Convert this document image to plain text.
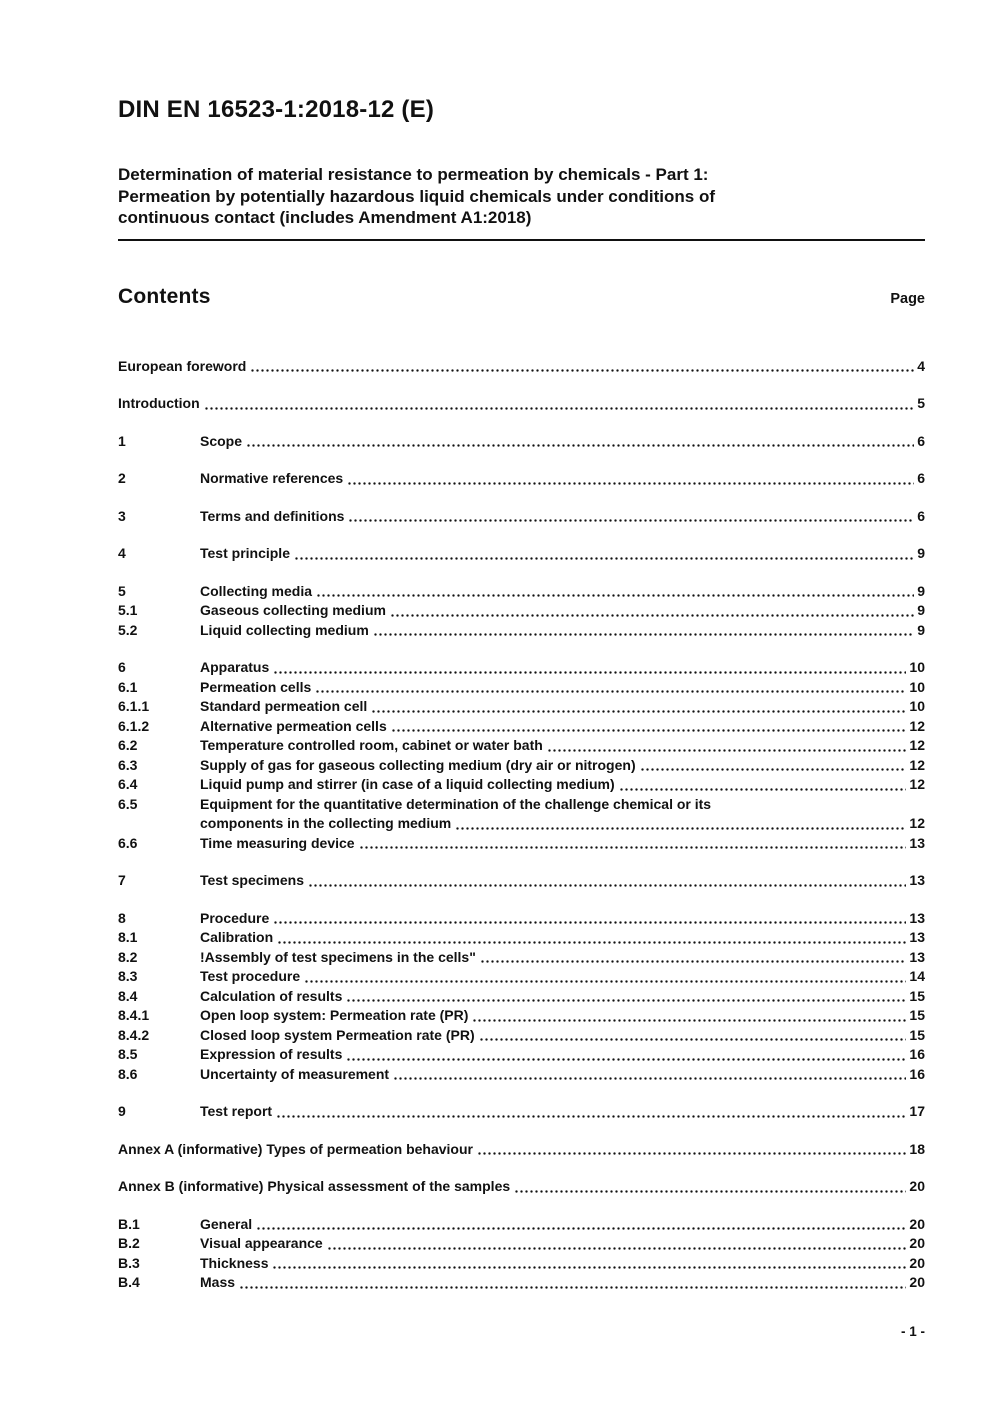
DIN EN 16523-1:2018-12 (E)
Determination of material resistance to permeation by chemicals - Part 1:
Permeation by potentially hazardous liquid chemicals under conditions of
continuous contact (includes Amendment A1:2018)
Contents	Page
European foreword	4
Introduction	5
1	Scope	6
2	Normative references	6
3	Terms and definitions	6
4	Test principle	9
5	Collecting media	9
5.1	Gaseous collecting medium	9
5.2	Liquid collecting medium	9
6	Apparatus	10
6.1	Permeation cells	10
6.1.1	Standard permeation cell	10
6.1.2	Alternative permeation cells	12
6.2	Temperature controlled room, cabinet or water bath	12
6.3	Supply of gas for gaseous collecting medium (dry air or nitrogen)	12
6.4	Liquid pump and stirrer (in case of a liquid collecting medium)	12
6.5	Equipment for the quantitative determination of the challenge chemical or its
components in the collecting medium	12
6.6	Time measuring device	13
7	Test specimens	13
8	Procedure	13
8.1	Calibration	13
8.2	!Assembly of test specimens in the cells"	13
8.3	Test procedure	14
8.4	Calculation of results	15
8.4.1	Open loop system: Permeation rate (PR)	15
8.4.2	Closed loop system Permeation rate (PR)	15
8.5	Expression of results	16
8.6	Uncertainty of measurement	16
9	Test report	17
Annex A (informative) Types of permeation behaviour	18
Annex B (informative) Physical assessment of the samples	20
B.1	General	20
B.2	Visual appearance	20
B.3	Thickness	20
B.4	Mass	20
- 1 -
